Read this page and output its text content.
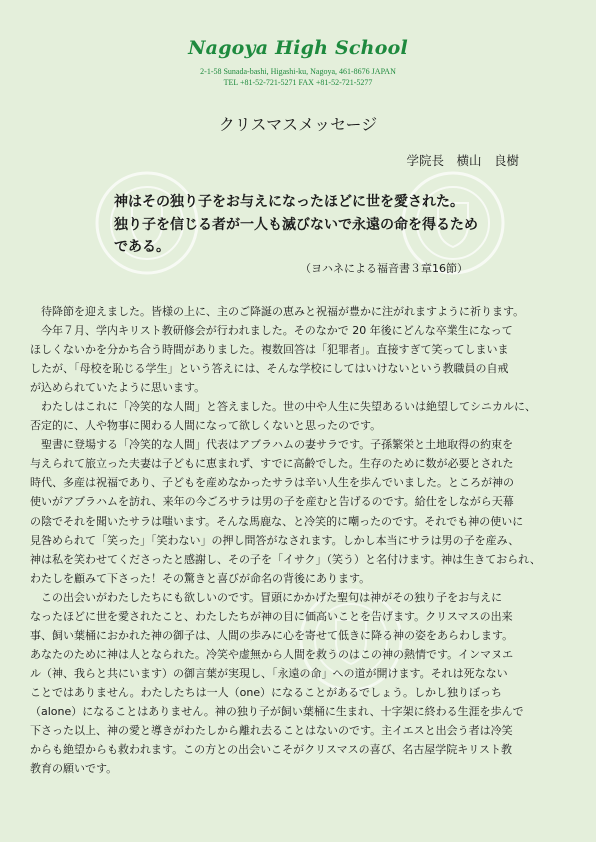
Nagoya High School
2-1-58 Sunada-bashi, Higashi-ku, Nagoya, 461-8676 JAPAN
TEL +81-52-721-5271 FAX +81-52-721-5277
クリスマスメッセージ
学院長　横山　良樹
神はその独り子をお与えになったほどに世を愛された。
独り子を信じる者が一人も滅びないで永遠の命を得るため
である。
（ヨハネによる福音書３章16節）
　待降節を迎えました。皆様の上に、主のご降誕の恵みと祝福が豊かに注がれますように祈ります。
　今年７月、学内キリスト教研修会が行われました。そのなかで 20 年後にどんな卒業生になって
ほしくないかを分かち合う時間がありました。複数回答は「犯罪者」。直接すぎて笑ってしまいま
したが、「母校を恥じる学生」という答えには、そんな学校にしてはいけないという教職員の自戒
が込められていたように思います。
　わたしはこれに「冷笑的な人間」と答えました。世の中や人生に失望あるいは絶望してシニカルに、
否定的に、人や物事に関わる人間になって欲しくないと思ったのです。
　聖書に登場する「冷笑的な人間」代表はアブラハムの妻サラです。子孫繁栄と土地取得の約束を
与えられて旅立った夫妻は子どもに恵まれず、すでに高齢でした。生存のために数が必要とされた
時代、多産は祝福であり、子どもを産めなかったサラは辛い人生を歩んでいました。ところが神の
使いがアブラハムを訪れ、来年の今ごろサラは男の子を産むと告げるのです。給仕をしながら天幕
の陰でそれを聞いたサラは嗤います。そんな馬鹿な、と冷笑的に嘲ったのです。それでも神の使いに
見咎められて「笑った」「笑わない」の押し問答がなされます。しかし本当にサラは男の子を産み、
神は私を笑わせてくださったと感謝し、その子を「イサク」（笑う）と名付けます。神は生きておられ、
わたしを顧みて下さった！その驚きと喜びが命名の背後にあります。
　この出会いがわたしたちにも欲しいのです。冒頭にかかげた聖句は神がその独り子をお与えに
なったほどに世を愛されたこと、わたしたちが神の目に価高いことを告げます。クリスマスの出来
事、飼い葉桶におかれた神の御子は、人間の歩みに心を寄せて低きに降る神の姿をあらわします。
あなたのために神は人となられた。冷笑や虚無から人間を救うのはこの神の熱情です。インマヌエ
ル（神、我らと共にいます）の御言葉が実現し、「永遠の命」への道が開けます。それは死なない
ことではありません。わたしたちは一人（one）になることがあるでしょう。しかし独りぼっち
（alone）になることはありません。神の独り子が飼い葉桶に生まれ、十字架に終わる生涯を歩んで
下さった以上、神の愛と導きがわたしから離れ去ることはないのです。主イエスと出会う者は冷笑
からも絶望からも救われます。この方との出会いこそがクリスマスの喜び、名古屋学院キリスト教
教育の願いです。
